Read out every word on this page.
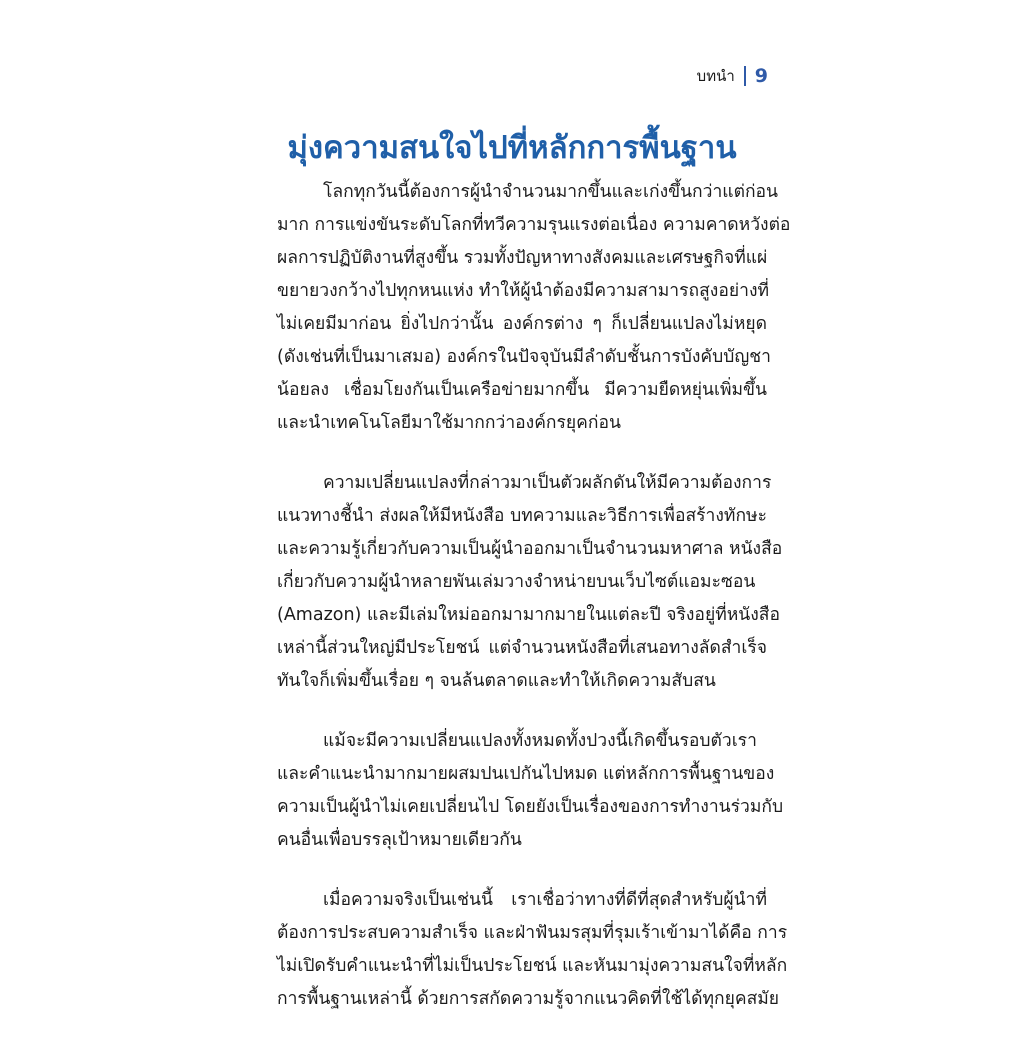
บทนำ 9
มุ่งความสนใจไปที่หลักการพื้นฐาน

โลกทุกวันนี้ต้องการผู้นำจำนวนมากขึ้นและเก่งขึ้นกว่าแต่ก่อน
มาก การแข่งขันระดับโลกที่ทวีความรุนแรงต่อเนื่อง ความคาดหวังต่อ
ผลการปฏิบัติงานที่สูงขึ้น รวมทั้งปัญหาทางสังคมและเศรษฐกิจที่แผ่
ขยายวงกว้างไปทุกหนแห่ง ทำให้ผู้นำต้องมีความสามารถสูงอย่างที่
ไม่เคยมีมาก่อน ยิ่งไปกว่านั้น องค์กรต่าง ๆ ก็เปลี่ยนแปลงไม่หยุด
(ดังเช่นที่เป็นมาเสมอ) องค์กรในปัจจุบันมีลำดับชั้นการบังคับบัญชา
น้อยลง เชื่อมโยงกันเป็นเครือข่ายมากขึ้น มีความยืดหยุ่นเพิ่มขึ้น
และนำเทคโนโลยีมาใช้มากกว่าองค์กรยุคก่อน

ความเปลี่ยนแปลงที่กล่าวมาเป็นตัวผลักดันให้มีความต้องการ
แนวทางชี้นำ ส่งผลให้มีหนังสือ บทความและวิธีการเพื่อสร้างทักษะ
และความรู้เกี่ยวกับความเป็นผู้นำออกมาเป็นจำนวนมหาศาล หนังสือ
เกี่ยวกับความผู้นำหลายพันเล่มวางจำหน่ายบนเว็บไซต์แอมะซอน
(Amazon) และมีเล่มใหม่ออกมามากมายในแต่ละปี จริงอยู่ที่หนังสือ
เหล่านี้ส่วนใหญ่มีประโยชน์ แต่จำนวนหนังสือที่เสนอทางลัดสำเร็จ
ทันใจก็เพิ่มขึ้นเรื่อย ๆ จนล้นตลาดและทำให้เกิดความสับสน

แม้จะมีความเปลี่ยนแปลงทั้งหมดทั้งปวงนี้เกิดขึ้นรอบตัวเรา
และคำแนะนำมากมายผสมปนเปกันไปหมด แต่หลักการพื้นฐานของ
ความเป็นผู้นำไม่เคยเปลี่ยนไป โดยยังเป็นเรื่องของการทำงานร่วมกับ
คนอื่นเพื่อบรรลุเป้าหมายเดียวกัน

เมื่อความจริงเป็นเช่นนี้ เราเชื่อว่าทางที่ดีที่สุดสำหรับผู้นำที่
ต้องการประสบความสำเร็จ และฝ่าฟันมรสุมที่รุมเร้าเข้ามาได้คือ การ
ไม่เปิดรับคำแนะนำที่ไม่เป็นประโยชน์ และหันมามุ่งความสนใจที่หลัก
การพื้นฐานเหล่านี้ ด้วยการสกัดความรู้จากแนวคิดที่ใช้ได้ทุกยุคสมัย
